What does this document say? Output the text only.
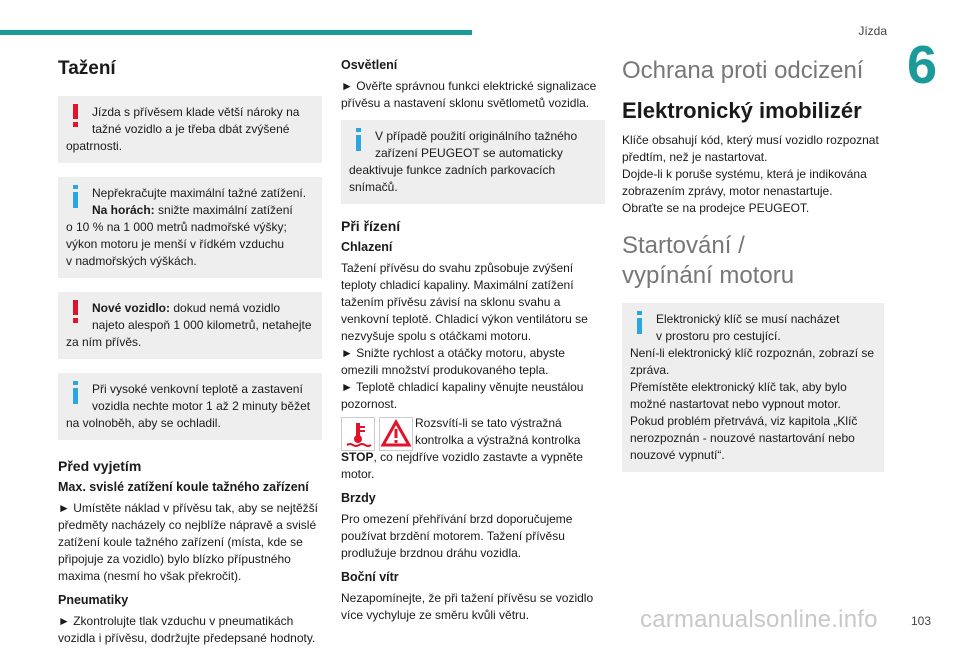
Jízda
6
Tažení
Jízda s přívěsem klade větší nároky na
tažné vozidlo a je třeba dbát zvýšené
opatrnosti.
Nepřekračujte maximální tažné zatížení.
Na horách: snižte maximální zatížení
o 10 % na 1 000 metrů nadmořské výšky;
výkon motoru je menší v řídkém vzduchu
v nadmořských výškách.
Nové vozidlo: dokud nemá vozidlo
najeto alespoň 1 000 kilometrů, netahejte
za ním přívěs.
Při vysoké venkovní teplotě a zastavení
vozidla nechte motor 1 až 2 minuty běžet
na volnoběh, aby se ochladil.
Před vyjetím
Max. svislé zatížení koule tažného zařízení

► Umístěte náklad v přívěsu tak, aby se nejtěžší předměty nacházely co nejblíže nápravě a svislé zatížení koule tažného zařízení (místa, kde se připojuje za vozidlo) bylo blízko přípustného maxima (nesmí ho však překročit).

Pneumatiky

► Zkontrolujte tlak vzduchu v pneumatikách vozidla i přívěsu, dodržujte předepsané hodnoty.

Osvětlení

► Ověřte správnou funkci elektrické signalizace přívěsu a nastavení sklonu světlometů vozidla.

V případě použití originálního tažného
zařízení PEUGEOT se automaticky
deaktivuje funkce zadních parkovacích
snímačů.
Při řízení
Chlazení

Tažení přívěsu do svahu způsobuje zvýšení teploty chladicí kapaliny. Maximální zatížení tažením přívěsu závisí na sklonu svahu a venkovní teplotě. Chladicí výkon ventilátoru se nezvyšuje spolu s otáčkami motoru.

► Snižte rychlost a otáčky motoru, abyste omezili množství produkovaného tepla.

► Teplotě chladicí kapaliny věnujte neustálou pozornost.

Rozsvítí-li se tato výstražná
kontrolka a výstražná kontrolka

STOP, co nejdříve vozidlo zastavte a vypněte motor.

Brzdy

Pro omezení přehřívání brzd doporučujeme používat brzdění motorem. Tažení přívěsu prodlužuje brzdnou dráhu vozidla.

Boční vítr

Nezapomínejte, že při tažení přívěsu se vozidlo více vychyluje ze směru kvůli větru.

Ochrana proti odcizení
Elektronický imobilizér

Klíče obsahují kód, který musí vozidlo rozpoznat předtím, než je nastartovat.

Dojde-li k poruše systému, která je indikována zobrazením zprávy, motor nenastartuje.

Obraťte se na prodejce PEUGEOT.

Startování / vypínání motoru
Elektronický klíč se musí nacházet
v prostoru pro cestující.
Není-li elektronický klíč rozpoznán, zobrazí se zpráva.
Přemístěte elektronický klíč tak, aby bylo možné nastartovat nebo vypnout motor.
Pokud problém přetrvává, viz kapitola „Klíč nerozpoznán - nouzové nastartování nebo nouzové vypnutí“.
carmanualsonline.info	103
